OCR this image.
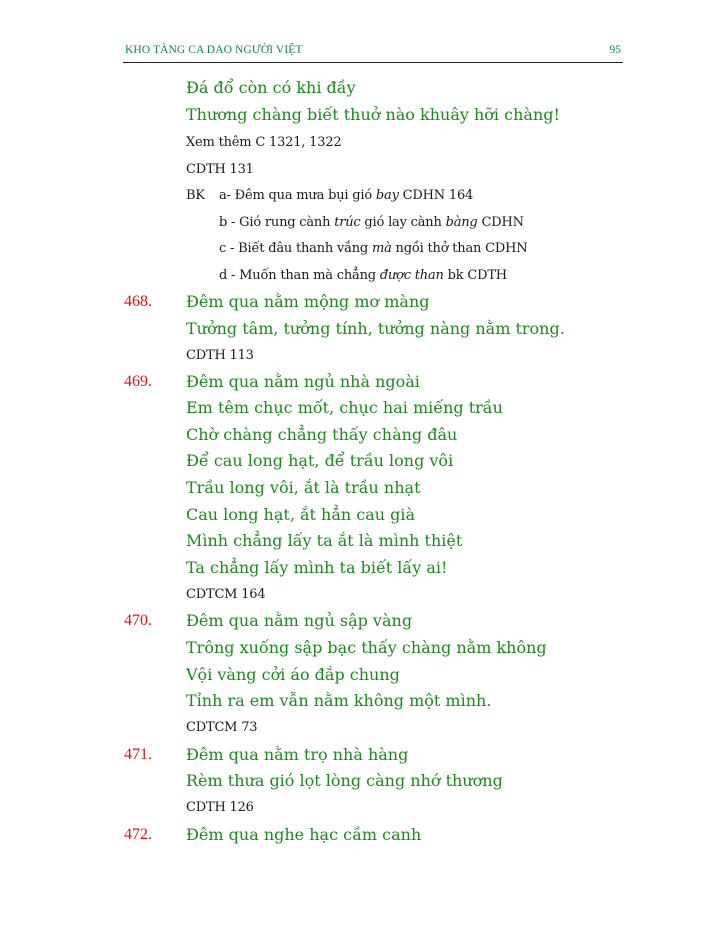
KHO TÀNG CA DAO NGƯỜI VIỆT	95
Đá đổ còn có khi đầy
Thương chàng biết thuở nào khuây hỡi chàng!
Xem thêm C 1321, 1322
CDTH 131
BK a- Đêm qua mưa bụi gió bay CDHN 164
b - Gió rung cành trúc gió lay cành bàng CDHN
c - Biết đâu thanh vắng mà ngồi thở than CDHN
d - Muốn than mà chẳng được than bk CDTH
468. Đêm qua nằm mộng mơ màng
Tưởng tâm, tưởng tính, tưởng nàng nằm trong.
CDTH 113
469. Đêm qua nằm ngủ nhà ngoài
Em têm chục mốt, chục hai miếng trầu
Chờ chàng chẳng thấy chàng đâu
Để cau long hạt, để trầu long vôi
Trầu long vôi, ắt là trầu nhạt
Cau long hạt, ắt hẳn cau già
Mình chẳng lấy ta ắt là mình thiệt
Ta chẳng lấy mình ta biết lấy ai!
CDTCM 164
470. Đêm qua nằm ngủ sập vàng
Trông xuống sập bạc thấy chàng nằm không
Vội vàng cởi áo đắp chung
Tỉnh ra em vẫn nằm không một mình.
CDTCM 73
471. Đêm qua nằm trọ nhà hàng
Rèm thưa gió lọt lòng càng nhớ thương
CDTH 126
472. Đêm qua nghe hạc cầm canh
